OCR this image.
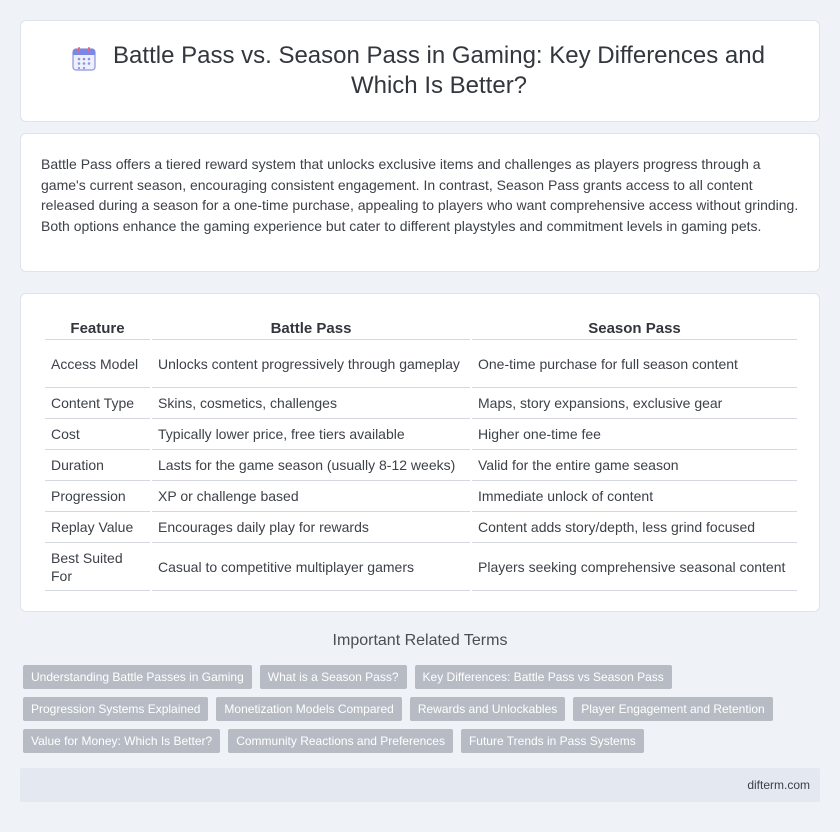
Battle Pass vs. Season Pass in Gaming: Key Differences and Which Is Better?

Battle Pass offers a tiered reward system that unlocks exclusive items and challenges as players progress through a game's current season, encouraging consistent engagement. In contrast, Season Pass grants access to all content released during a season for a one-time purchase, appealing to players who want comprehensive access without grinding. Both options enhance the gaming experience but cater to different playstyles and commitment levels in gaming pets.

Feature	Battle Pass	Season Pass
Access Model	Unlocks content progressively through gameplay	One-time purchase for full season content
Content Type	Skins, cosmetics, challenges	Maps, story expansions, exclusive gear
Cost	Typically lower price, free tiers available	Higher one-time fee
Duration	Lasts for the game season (usually 8-12 weeks)	Valid for the entire game season
Progression	XP or challenge based	Immediate unlock of content
Replay Value	Encourages daily play for rewards	Content adds story/depth, less grind focused
Best Suited For	Casual to competitive multiplayer gamers	Players seeking comprehensive seasonal content
Important Related Terms
Understanding Battle Passes in Gaming	What is a Season Pass?	Key Differences: Battle Pass vs Season Pass
Progression Systems Explained	Monetization Models Compared	Rewards and Unlockables	Player Engagement and Retention
Value for Money: Which Is Better?	Community Reactions and Preferences	Future Trends in Pass Systems
difterm.com
